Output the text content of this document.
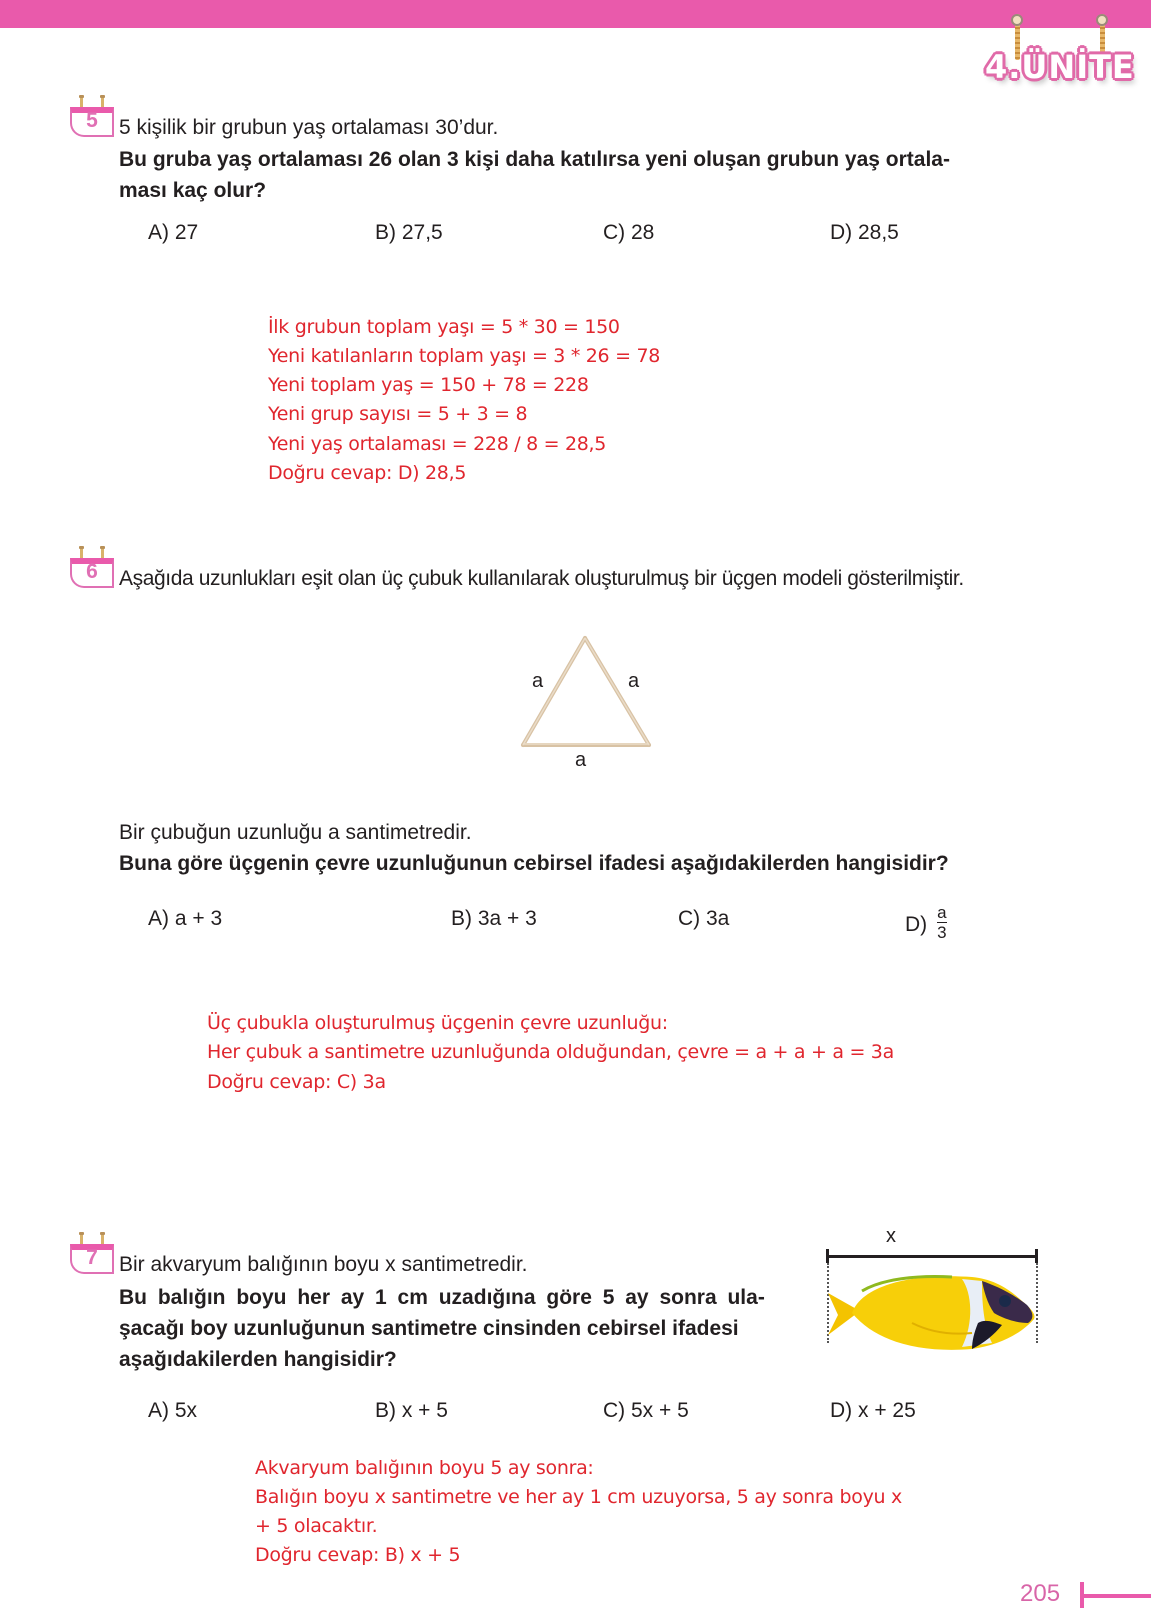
4.ÜNİTE
5	5 kişilik bir grubun yaş ortalaması 30’dur.
Bu gruba yaş ortalaması 26 olan 3 kişi daha katılırsa yeni oluşan grubun yaş ortala-
ması kaç olur?
A) 27	B) 27,5	C) 28	D) 28,5
İlk grubun toplam yaşı = 5 * 30 = 150
Yeni katılanların toplam yaşı = 3 * 26 = 78
Yeni toplam yaş = 150 + 78 = 228
Yeni grup sayısı = 5 + 3 = 8
Yeni yaş ortalaması = 228 / 8 = 28,5
Doğru cevap: D) 28,5
6	Aşağıda uzunlukları eşit olan üç çubuk kullanılarak oluşturulmuş bir üçgen modeli gösterilmiştir.
a	a
a
Bir çubuğun uzunluğu a santimetredir.
Buna göre üçgenin çevre uzunluğunun cebirsel ifadesi aşağıdakilerden hangisidir?
A) a + 3	B) 3a + 3	C) 3a	$D) \frac{a}{3}$
Üç çubukla oluşturulmuş üçgenin çevre uzunluğu:
Her çubuk a santimetre uzunluğunda olduğundan, çevre = a + a + a = 3a
Doğru cevap: C) 3a
7	Bir akvaryum balığının boyu x santimetredir.
Bu balığın boyu her ay 1 cm uzadığına göre 5 ay sonra ula-
şacağı boy uzunluğunun santimetre cinsinden cebirsel ifadesi
aşağıdakilerden hangisidir?
x
A) 5x	B) x + 5	C) 5x + 5	D) x + 25
Akvaryum balığının boyu 5 ay sonra:
Balığın boyu x santimetre ve her ay 1 cm uzuyorsa, 5 ay sonra boyu x
+ 5 olacaktır.
Doğru cevap: B) x + 5
205
